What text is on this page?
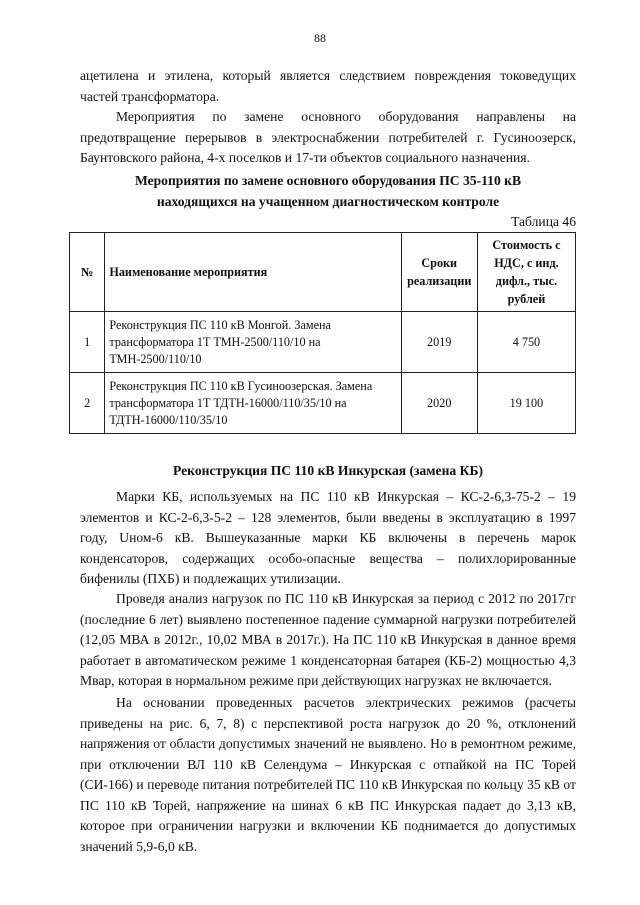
88
ацетилена и этилена, который является следствием повреждения токоведущих частей трансформатора.
Мероприятия по замене основного оборудования направлены на предотвращение перерывов в электроснабжении потребителей г. Гусиноозерск, Баунтовского района, 4-х поселков и 17-ти объектов социального назначения.
Мероприятия по замене основного оборудования ПС 35-110 кВ
находящихся на учащенном диагностическом контроле
Таблица 46
№	Наименование мероприятия	Сроки реализации	Стоимость с НДС, с инд. дифл., тыс. рублей
1	Реконструкция ПС 110 кВ Монгой. Замена трансформатора 1Т ТМН-2500/110/10 на ТМН-2500/110/10	2019	4 750
2	Реконструкция ПС 110 кВ Гусиноозерская. Замена трансформатора 1Т ТДТН-16000/110/35/10 на ТДТН-16000/110/35/10	2020	19 100
Реконструкция ПС 110 кВ Инкурская (замена КБ)
Марки КБ, используемых на ПС 110 кВ Инкурская – КС-2-6,3-75-2 – 19 элементов и КС-2-6,3-5-2 – 128 элементов, были введены в эксплуатацию в 1997 году, Uном-6 кВ. Вышеуказанные марки КБ включены в перечень марок конденсаторов, содержащих особо-опасные вещества – полихлорированные бифенилы (ПХБ) и подлежащих утилизации.
Проведя анализ нагрузок по ПС 110 кВ Инкурская за период с 2012 по 2017гг (последние 6 лет) выявлено постепенное падение суммарной нагрузки потребителей (12,05 МВА в 2012г., 10,02 МВА в 2017г.). На ПС 110 кВ Инкурская в данное время работает в автоматическом режиме 1 конденсаторная батарея (КБ-2) мощностью 4,3 Мвар, которая в нормальном режиме при действующих нагрузках не включается.
На основании проведенных расчетов электрических режимов (расчеты приведены на рис. 6, 7, 8) с перспективой роста нагрузок до 20 %, отклонений напряжения от области допустимых значений не выявлено. Но в ремонтном режиме, при отключении ВЛ 110 кВ Селендума – Инкурская с отпайкой на ПС Торей (СИ-166) и переводе питания потребителей ПС 110 кВ Инкурская по кольцу 35 кВ от ПС 110 кВ Торей, напряжение на шинах 6 кВ ПС Инкурская падает до 3,13 кВ, которое при ограничении нагрузки и включении КБ поднимается до допустимых значений 5,9-6,0 кВ.
